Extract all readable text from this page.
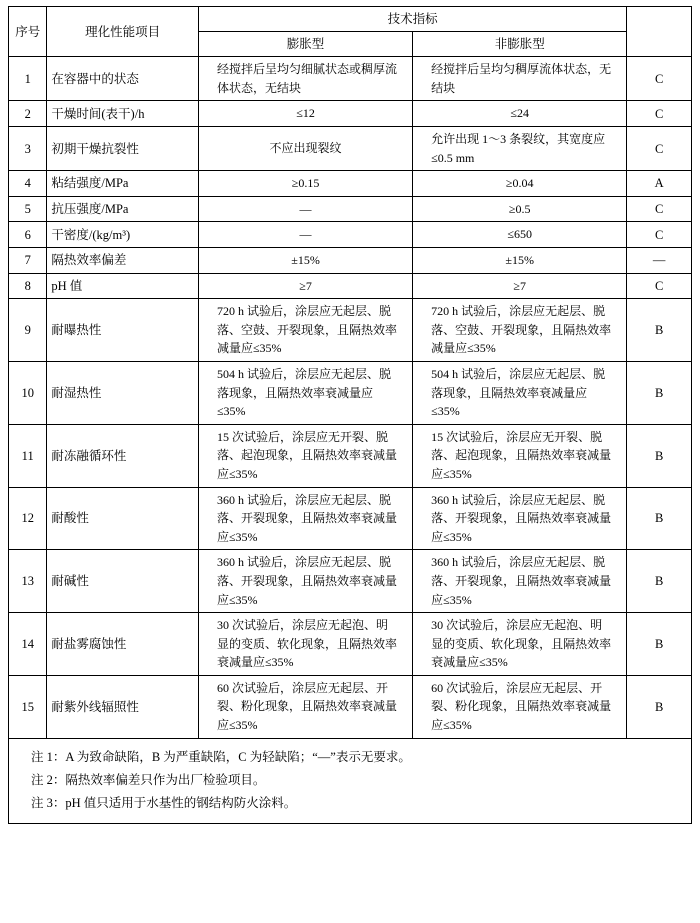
序号	理化性能项目	技术指标		

		膨胀型	非膨胀型	
1	在容器中的状态	经搅拌后呈均匀细腻状态或稠厚流体状态，无结块	经搅拌后呈均匀稠厚流体状态，无结块	C
2	干燥时间(表干)/h	≤12	≤24	C
3	初期干燥抗裂性	不应出现裂纹	允许出现 1～3 条裂纹，其宽度应≤0.5 mm	C
4	粘结强度/MPa	≥0.15	≥0.04	A
5	抗压强度/MPa	—	≥0.5	C
6	干密度/(kg/m³)	—	≤650	C
7	隔热效率偏差	±15%	±15%	—
8	pH 值	≥7	≥7	C
9	耐曝热性	720 h 试验后，涂层应无起层、脱落、空鼓、开裂现象，且隔热效率减量应≤35%	720 h 试验后，涂层应无起层、脱落、空鼓、开裂现象，且隔热效率减量应≤35%	B
10	耐湿热性	504 h 试验后，涂层应无起层、脱落现象，且隔热效率衰减量应≤35%	504 h 试验后，涂层应无起层、脱落现象，且隔热效率衰减量应≤35%	B
11	耐冻融循环性	15 次试验后，涂层应无开裂、脱落、起泡现象，且隔热效率衰减量应≤35%	15 次试验后，涂层应无开裂、脱落、起泡现象，且隔热效率衰减量应≤35%	B
12	耐酸性	360 h 试验后，涂层应无起层、脱落、开裂现象，且隔热效率衰减量应≤35%	360 h 试验后，涂层应无起层、脱落、开裂现象，且隔热效率衰减量应≤35%	B
13	耐碱性	360 h 试验后，涂层应无起层、脱落、开裂现象，且隔热效率衰减量应≤35%	360 h 试验后，涂层应无起层、脱落、开裂现象，且隔热效率衰减量应≤35%	B
14	耐盐雾腐蚀性	30 次试验后，涂层应无起泡、明显的变质、软化现象，且隔热效率衰减量应≤35%	30 次试验后，涂层应无起泡、明显的变质、软化现象，且隔热效率衰减量应≤35%	B
15	耐紫外线辐照性	60 次试验后，涂层应无起层、开裂、粉化现象，且隔热效率衰减量应≤35%	60 次试验后，涂层应无起层、开裂、粉化现象，且隔热效率衰减量应≤35%	B
注 1：A 为致命缺陷，B 为严重缺陷，C 为轻缺陷；“—”表示无要求。
注 2：隔热效率偏差只作为出厂检验项目。
注 3：pH 值只适用于水基性的钢结构防火涂料。
